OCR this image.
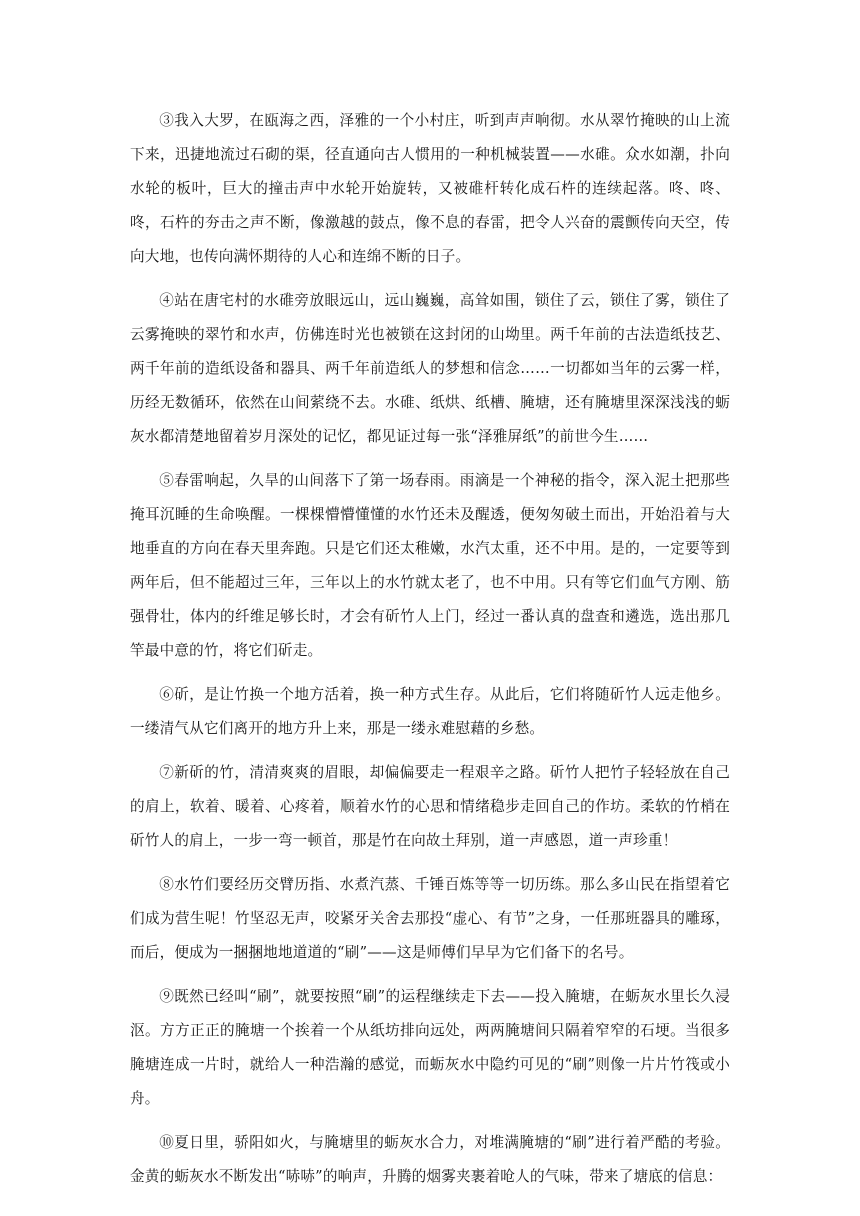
③我入大罗，在瓯海之西，泽雅的一个小村庄，听到声声响彻。水从翠竹掩映的山上流下来，迅捷地流过石砌的渠，径直通向古人惯用的一种机械装置——水碓。众水如潮，扑向水轮的板叶，巨大的撞击声中水轮开始旋转，又被碓杆转化成石杵的连续起落。咚、咚、咚，石杵的夯击之声不断，像激越的鼓点，像不息的春雷，把令人兴奋的震颤传向天空，传向大地，也传向满怀期待的人心和连绵不断的日子。

④站在唐宅村的水碓旁放眼远山，远山巍巍，高耸如围，锁住了云，锁住了雾，锁住了云雾掩映的翠竹和水声，仿佛连时光也被锁在这封闭的山坳里。两千年前的古法造纸技艺、两千年前的造纸设备和器具、两千年前造纸人的梦想和信念……一切都如当年的云雾一样，历经无数循环，依然在山间萦绕不去。水碓、纸烘、纸槽、腌塘，还有腌塘里深深浅浅的蛎灰水都清楚地留着岁月深处的记忆，都见证过每一张“泽雅屏纸”的前世今生……

⑤春雷响起，久旱的山间落下了第一场春雨。雨滴是一个神秘的指令，深入泥土把那些掩耳沉睡的生命唤醒。一棵棵懵懵懂懂的水竹还未及醒透，便匆匆破土而出，开始沿着与大地垂直的方向在春天里奔跑。只是它们还太稚嫩，水汽太重，还不中用。是的，一定要等到两年后，但不能超过三年，三年以上的水竹就太老了，也不中用。只有等它们血气方刚、筋强骨壮，体内的纤维足够长时，才会有斫竹人上门，经过一番认真的盘查和遴选，选出那几竿最中意的竹，将它们斫走。

⑥斫，是让竹换一个地方活着，换一种方式生存。从此后，它们将随斫竹人远走他乡。一缕清气从它们离开的地方升上来，那是一缕永难慰藉的乡愁。

⑦新斫的竹，清清爽爽的眉眼，却偏偏要走一程艰辛之路。斫竹人把竹子轻轻放在自己的肩上，软着、暖着、心疼着，顺着水竹的心思和情绪稳步走回自己的作坊。柔软的竹梢在斫竹人的肩上，一步一弯一顿首，那是竹在向故土拜别，道一声感恩，道一声珍重！

⑧水竹们要经历交臂历指、水煮汽蒸、千锤百炼等等一切历练。那么多山民在指望着它们成为营生呢！竹坚忍无声，咬紧牙关舍去那投“虚心、有节”之身，一任那班器具的雕琢，而后，便成为一捆捆地地道道的“刷”——这是师傅们早早为它们备下的名号。

⑨既然已经叫“刷”，就要按照“刷”的运程继续走下去——投入腌塘，在蛎灰水里长久浸沤。方方正正的腌塘一个挨着一个从纸坊排向远处，两两腌塘间只隔着窄窄的石埂。当很多腌塘连成一片时，就给人一种浩瀚的感觉，而蛎灰水中隐约可见的“刷”则像一片片竹筏或小舟。

⑩夏日里，骄阳如火，与腌塘里的蛎灰水合力，对堆满腌塘的“刷”进行着严酷的考验。金黄的蛎灰水不断发出“哧哧”的响声，升腾的烟雾夹裹着呛人的气味，带来了塘底的信息：
